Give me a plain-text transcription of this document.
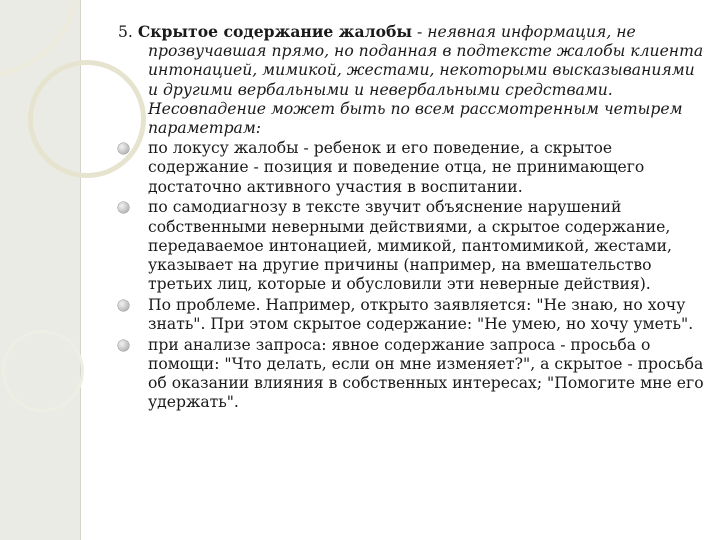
5. Скрытое содержание жалобы - неявная информация, не прозвучавшая прямо, но поданная в подтексте жалобы клиента интонацией, мимикой, жестами, некоторыми высказываниями и другими вербальными и невербальными средствами. Несовпадение может быть по всем рассмотренным четырем параметрам:

по локусу жалобы - ребенок и его поведение, а скрытое содержание - позиция и поведение отца, не принимающего достаточно активного участия в воспитании.
по самодиагнозу в тексте звучит объяснение нарушений собственными неверными действиями, а скрытое содержание, передаваемое интонацией, мимикой, пантомимикой, жестами, указывает на другие причины (например, на вмешательство третьих лиц, которые и обусловили эти неверные действия).
По проблеме. Например, открыто заявляется: "Не знаю, но хочу знать". При этом скрытое содержание: "Не умею, но хочу уметь".
при анализе запроса: явное содержание запроса - просьба о помощи: "Что делать, если он мне изменяет?", а скрытое - просьба об оказании влияния в собственных интересах; "Помогите мне его удержать".
